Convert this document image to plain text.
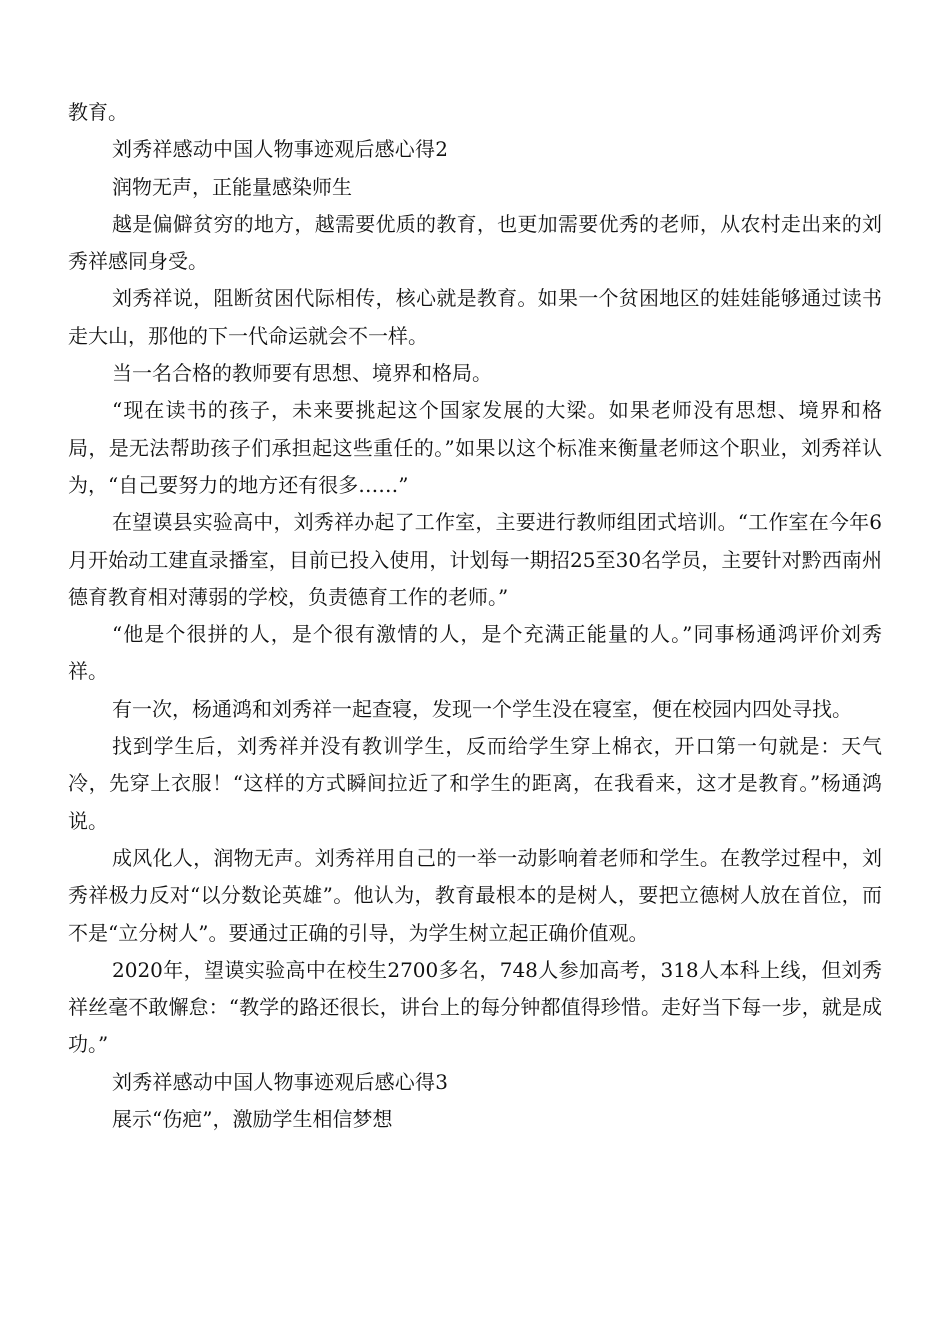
教育。

刘秀祥感动中国人物事迹观后感心得2

润物无声，正能量感染师生

越是偏僻贫穷的地方，越需要优质的教育，也更加需要优秀的老师，从农村走出来的刘秀祥感同身受。

刘秀祥说，阻断贫困代际相传，核心就是教育。如果一个贫困地区的娃娃能够通过读书走大山，那他的下一代命运就会不一样。

当一名合格的教师要有思想、境界和格局。

“现在读书的孩子，未来要挑起这个国家发展的大梁。如果老师没有思想、境界和格局，是无法帮助孩子们承担起这些重任的。”如果以这个标准来衡量老师这个职业，刘秀祥认为，“自己要努力的地方还有很多……”

在望谟县实验高中，刘秀祥办起了工作室，主要进行教师组团式培训。“工作室在今年6月开始动工建直录播室，目前已投入使用，计划每一期招25至30名学员，主要针对黔西南州德育教育相对薄弱的学校，负责德育工作的老师。”

“他是个很拼的人，是个很有激情的人，是个充满正能量的人。”同事杨通鸿评价刘秀祥。

有一次，杨通鸿和刘秀祥一起查寝，发现一个学生没在寝室，便在校园内四处寻找。

找到学生后，刘秀祥并没有教训学生，反而给学生穿上棉衣，开口第一句就是：天气冷，先穿上衣服！“这样的方式瞬间拉近了和学生的距离，在我看来，这才是教育。”杨通鸿说。

成风化人，润物无声。刘秀祥用自己的一举一动影响着老师和学生。在教学过程中，刘秀祥极力反对“以分数论英雄”。他认为，教育最根本的是树人，要把立德树人放在首位，而不是“立分树人”。要通过正确的引导，为学生树立起正确价值观。

2020年，望谟实验高中在校生2700多名，748人参加高考，318人本科上线，但刘秀祥丝毫不敢懈怠：“教学的路还很长，讲台上的每分钟都值得珍惜。走好当下每一步，就是成功。”

刘秀祥感动中国人物事迹观后感心得3

展示“伤疤”，激励学生相信梦想
